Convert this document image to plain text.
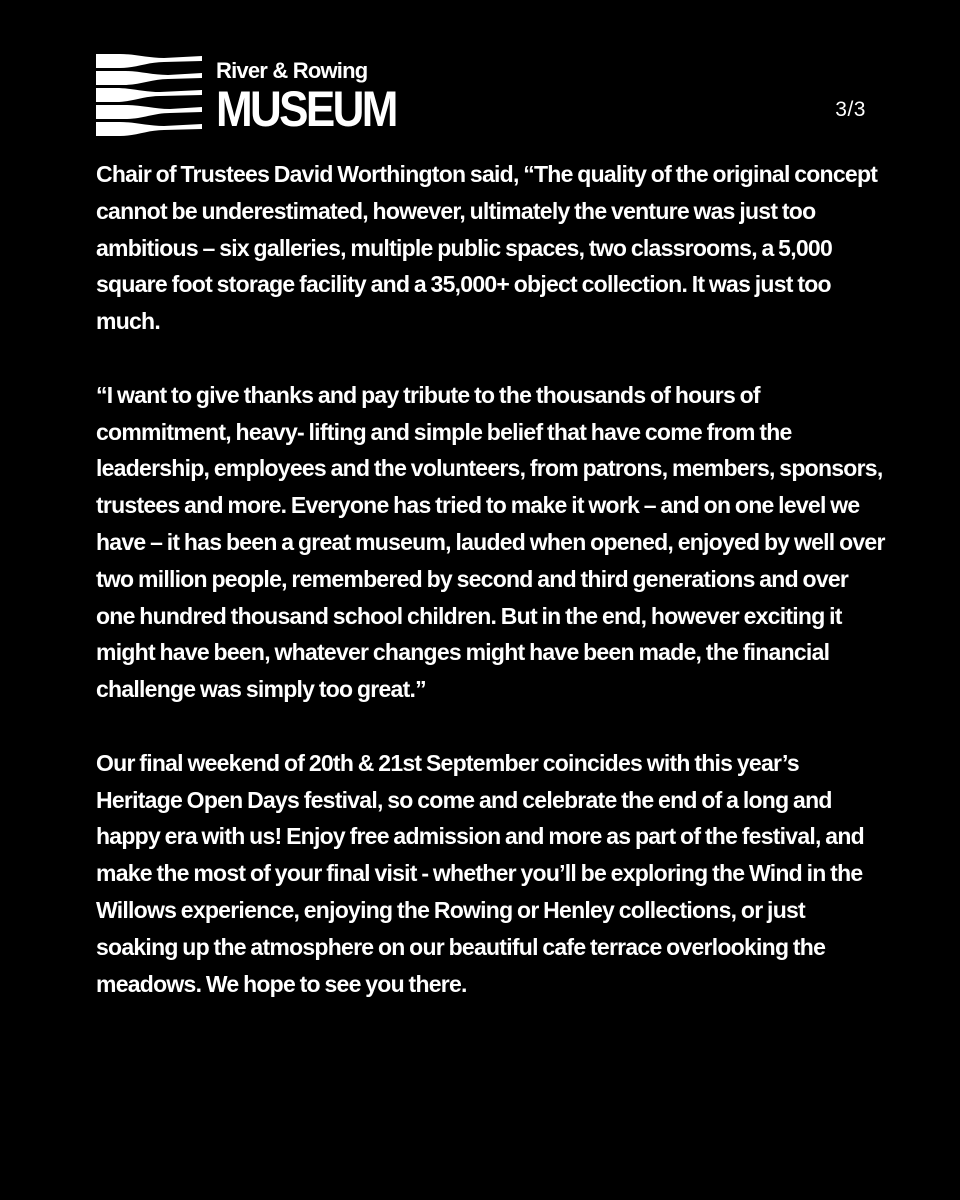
River & Rowing
MUSEUM	3/3

Chair of Trustees David Worthington said, “The quality of the original concept cannot be underestimated, however, ultimately the venture was just too ambitious – six galleries, multiple public spaces, two classrooms, a 5,000 square foot storage facility and a 35,000+ object collection. It was just too much.

“I want to give thanks and pay tribute to the thousands of hours of commitment, heavy- lifting and simple belief that have come from the leadership, employees and the volunteers, from patrons, members, sponsors, trustees and more. Everyone has tried to make it work – and on one level we have – it has been a great museum, lauded when opened, enjoyed by well over two million people, remembered by second and third generations and over one hundred thousand school children. But in the end, however exciting it might have been, whatever changes might have been made, the financial challenge was simply too great.”

Our final weekend of 20th & 21st September coincides with this year’s Heritage Open Days festival, so come and celebrate the end of a long and happy era with us! Enjoy free admission and more as part of the festival, and make the most of your final visit - whether you’ll be exploring the Wind in the Willows experience, enjoying the Rowing or Henley collections, or just soaking up the atmosphere on our beautiful cafe terrace overlooking the meadows. We hope to see you there.
